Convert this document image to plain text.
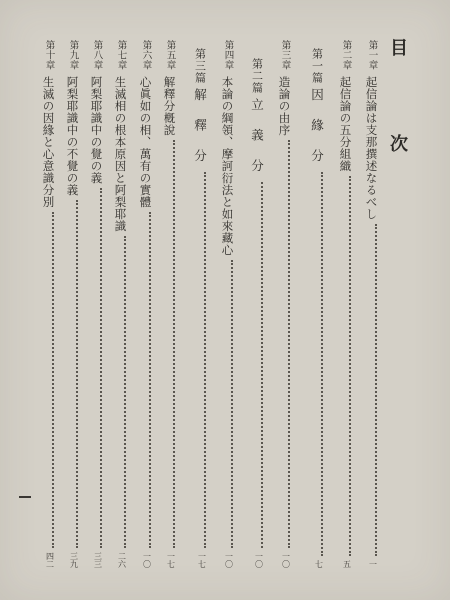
目　次
第一章
起信論は支那撰述なるべし
一
第二章
起信論の五分組織
五
第一篇
因 緣 分
七
第三章
造論の由序
一〇
第二篇
立 義 分
一〇
第四章
本論の綱領、摩訶衍法と如來藏心
一〇
第三篇
解 釋 分
一七
第五章
解釋分槪說
一七
第六章
心眞如の相、萬有の實體
一〇
第七章
生滅相の根本原因と阿梨耶識
二六
第八章
阿梨耶識中の覺の義
三三
第九章
阿梨耶識中の不覺の義
三九
第十章
生滅の因緣と心意識分別
四二
